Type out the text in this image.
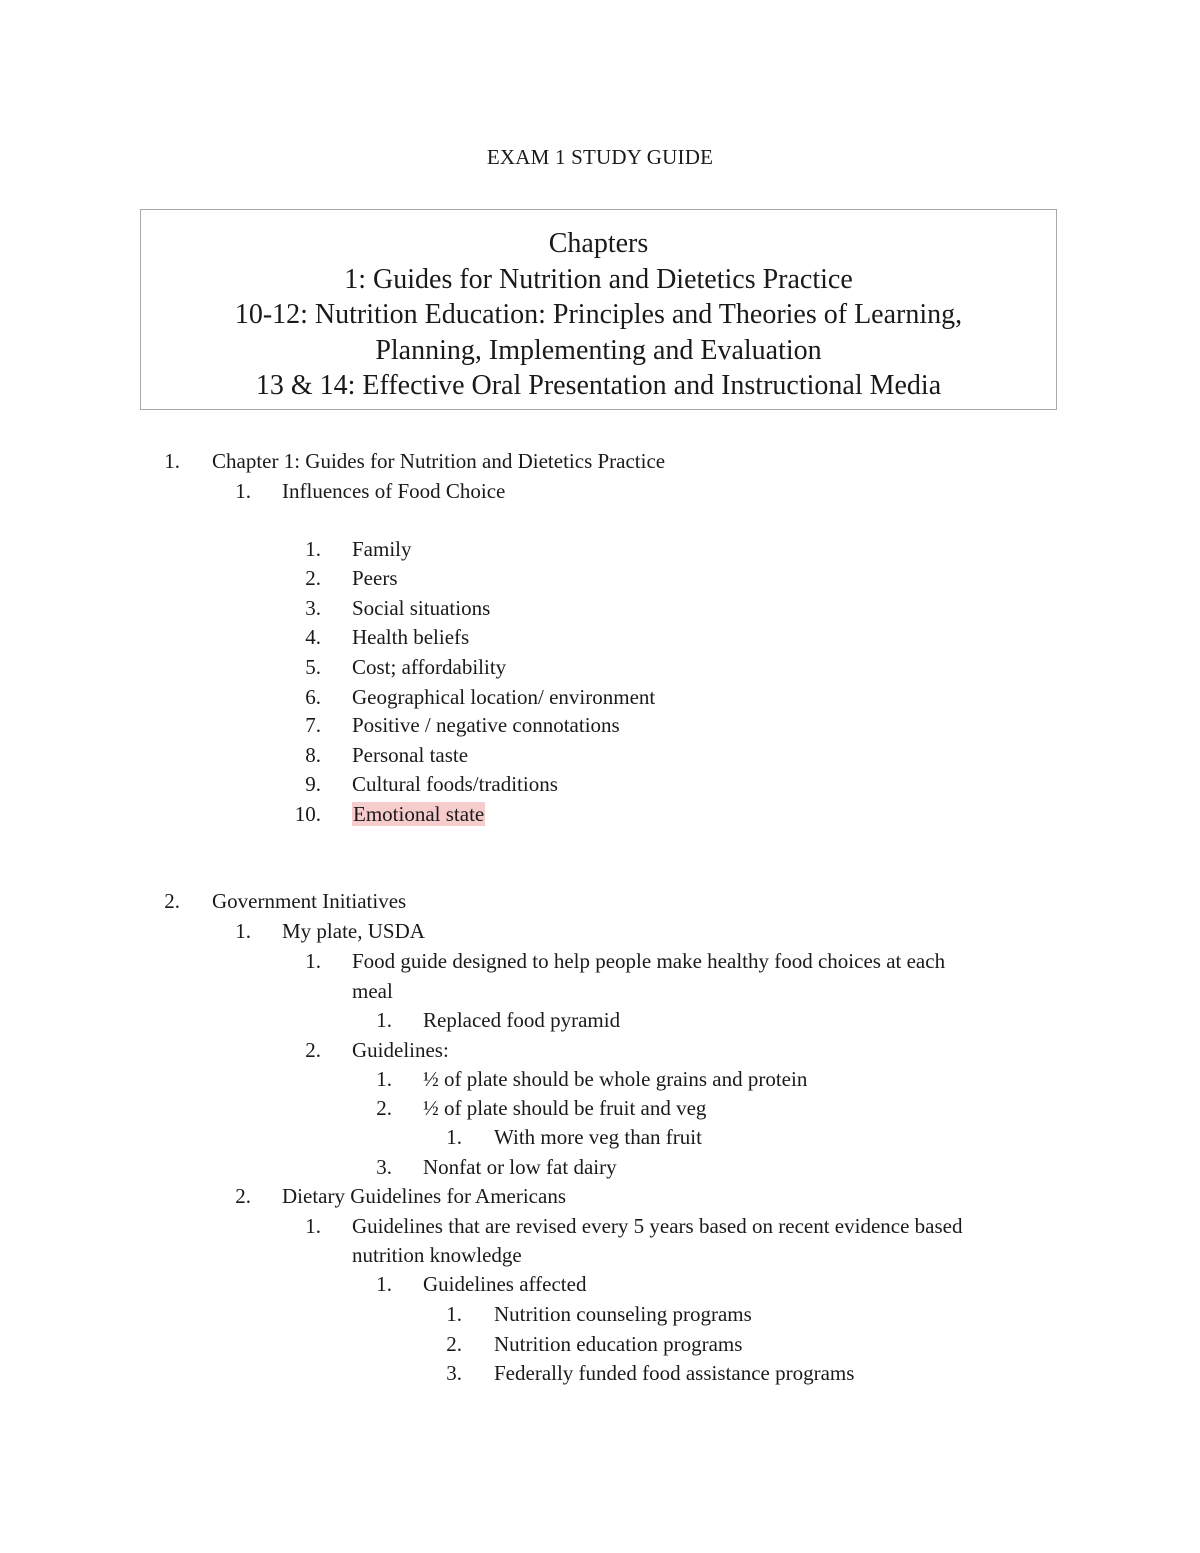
EXAM 1 STUDY GUIDE
Chapters
1: Guides for Nutrition and Dietetics Practice
10-12: Nutrition Education: Principles and Theories of Learning,
Planning, Implementing and Evaluation
13 & 14: Effective Oral Presentation and Instructional Media
1. Chapter 1: Guides for Nutrition and Dietetics Practice
1. Influences of Food Choice
1. Family
2. Peers
3. Social situations
4. Health beliefs
5. Cost; affordability
6. Geographical location/ environment
7. Positive / negative connotations
8. Personal taste
9. Cultural foods/traditions
10. Emotional state
2. Government Initiatives
1. My plate, USDA
1. Food guide designed to help people make healthy food choices at each
meal
1. Replaced food pyramid
2. Guidelines:
1. ½ of plate should be whole grains and protein
2. ½ of plate should be fruit and veg
1. With more veg than fruit
3. Nonfat or low fat dairy
2. Dietary Guidelines for Americans
1. Guidelines that are revised every 5 years based on recent evidence based
nutrition knowledge
1. Guidelines affected
1. Nutrition counseling programs
2. Nutrition education programs
3. Federally funded food assistance programs
